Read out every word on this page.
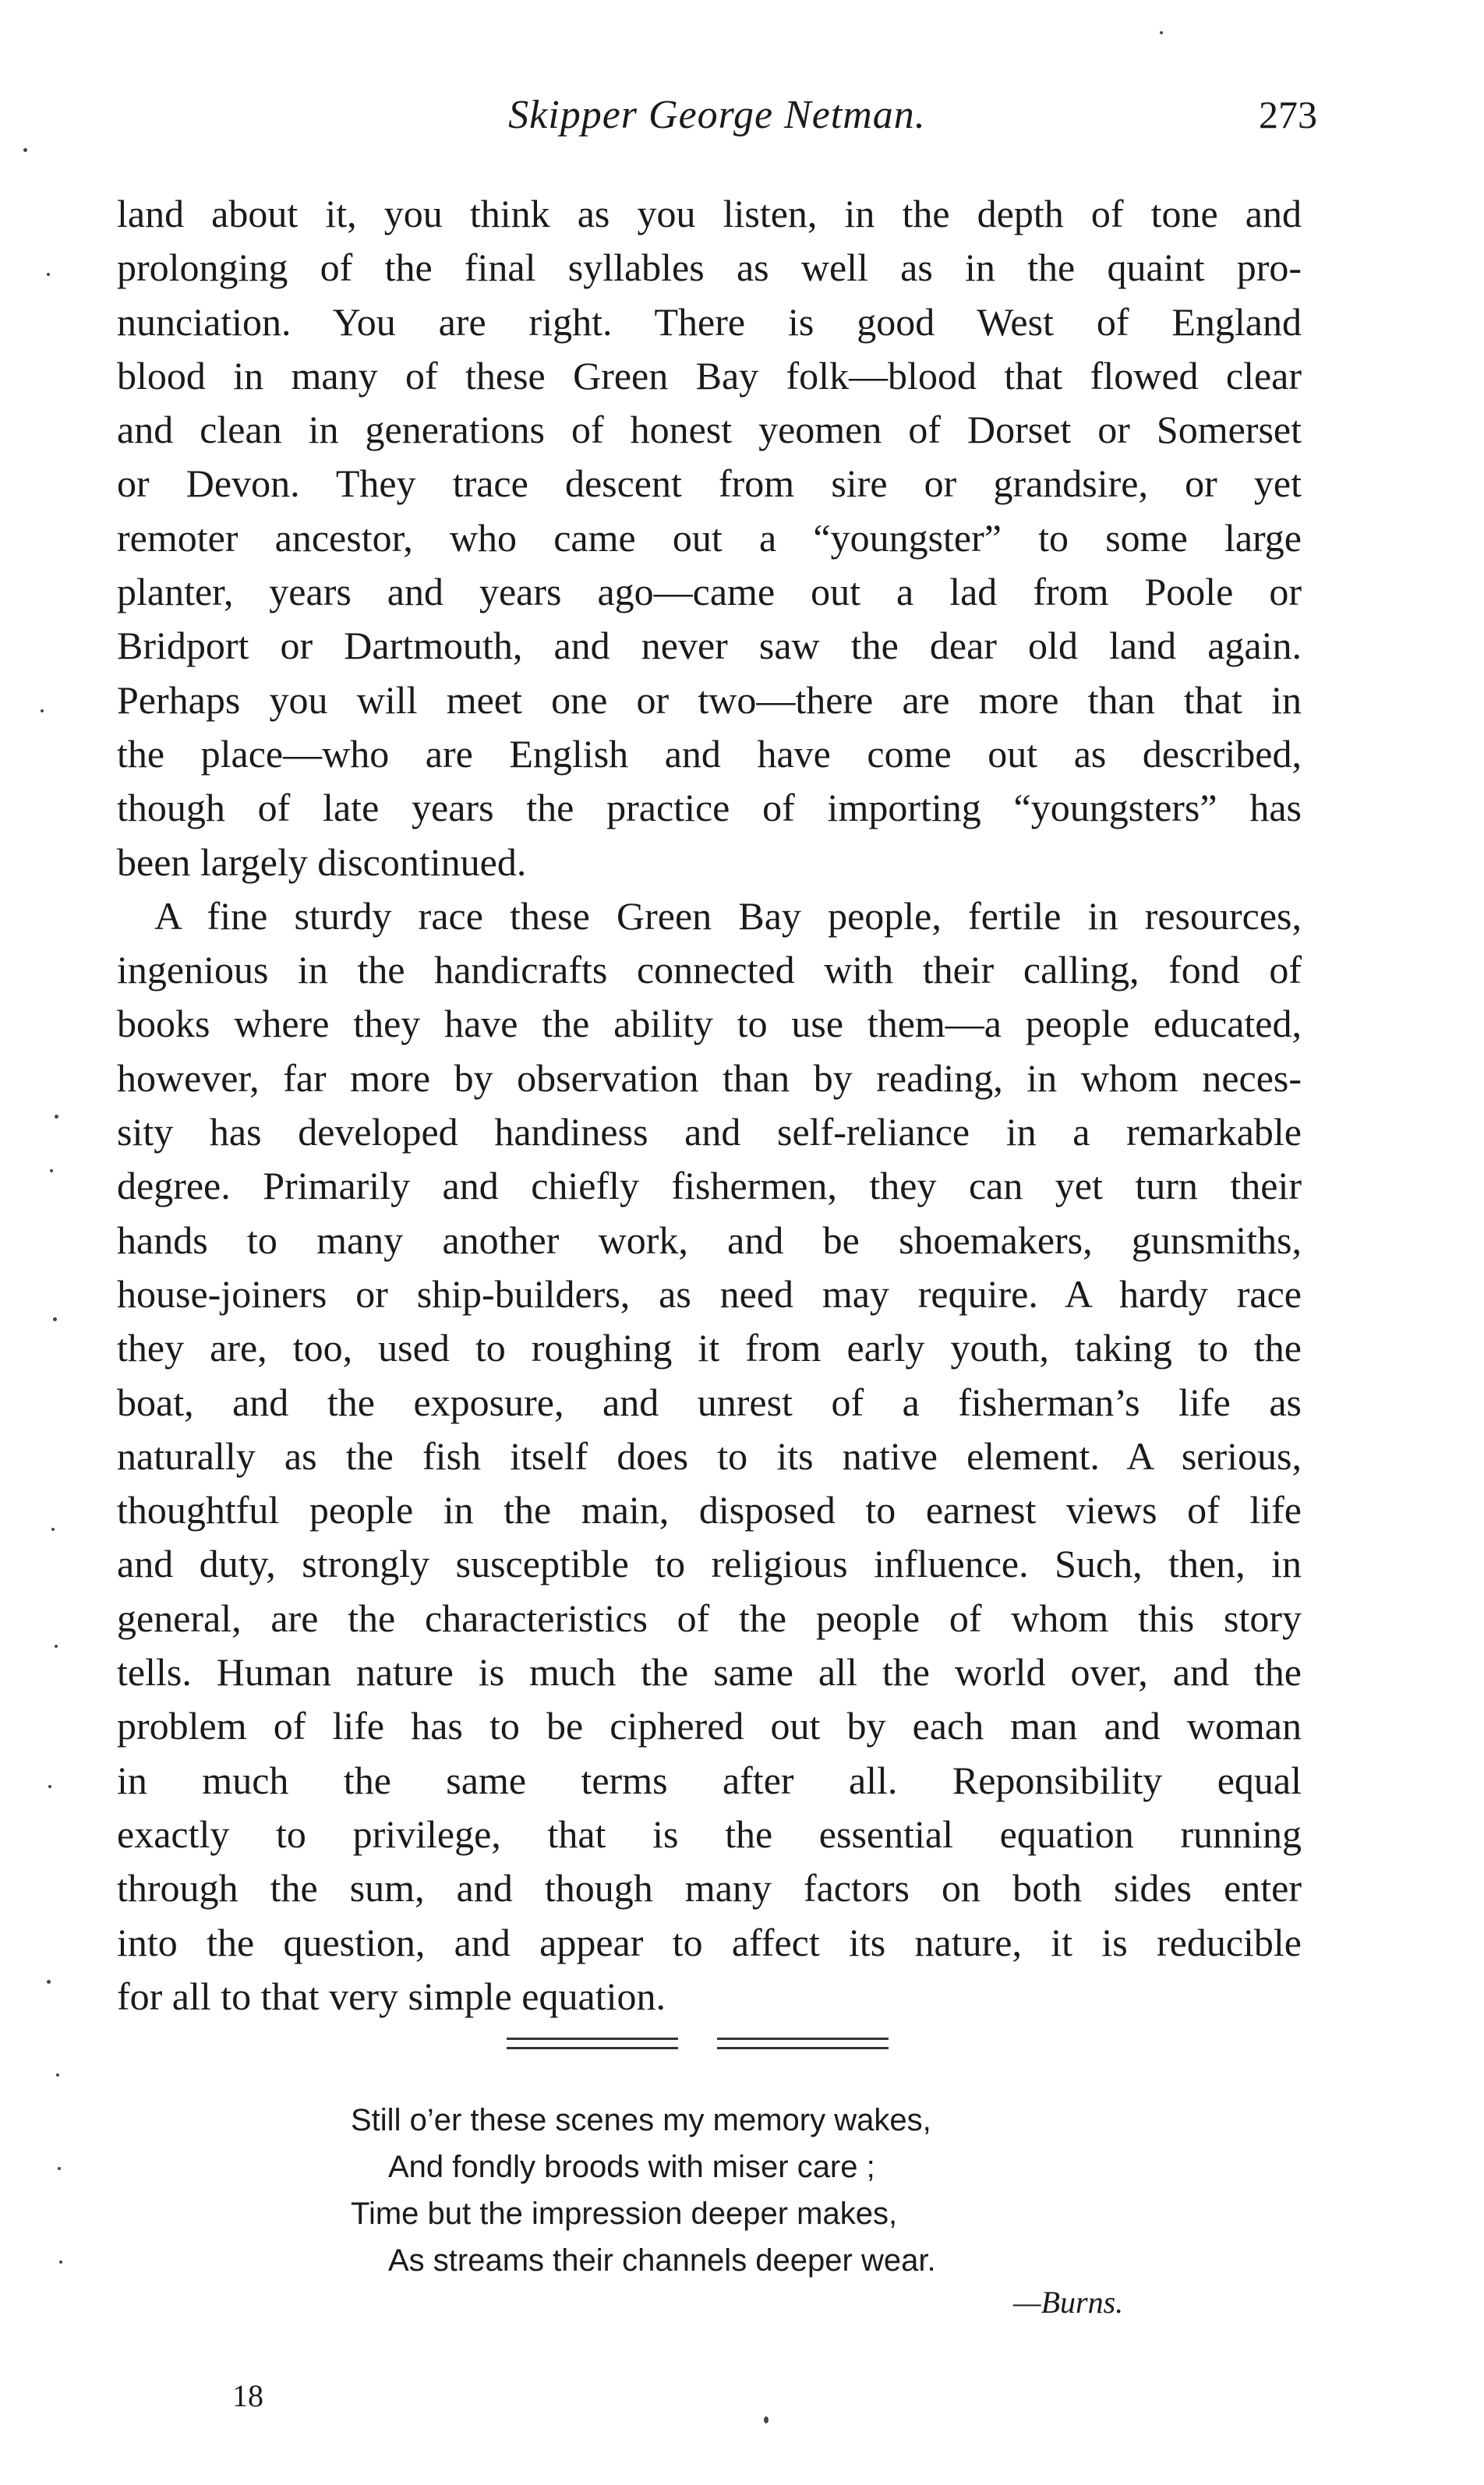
Skipper George Netman.	273
land about it, you think as you listen, in the depth of tone and
prolonging of the final syllables as well as in the quaint pro-
nunciation. You are right. There is good West of England
blood in many of these Green Bay folk—blood that flowed clear
and clean in generations of honest yeomen of Dorset or Somerset
or Devon. They trace descent from sire or grandsire, or yet
remoter ancestor, who came out a “youngster” to some large
planter, years and years ago—came out a lad from Poole or
Bridport or Dartmouth, and never saw the dear old land again.
Perhaps you will meet one or two—there are more than that in
the place—who are English and have come out as described,
though of late years the practice of importing “youngsters” has
been largely discontinued.
A fine sturdy race these Green Bay people, fertile in resources,
ingenious in the handicrafts connected with their calling, fond of
books where they have the ability to use them—a people educated,
however, far more by observation than by reading, in whom neces-
sity has developed handiness and self-reliance in a remarkable
degree. Primarily and chiefly fishermen, they can yet turn their
hands to many another work, and be shoemakers, gunsmiths,
house-joiners or ship-builders, as need may require. A hardy race
they are, too, used to roughing it from early youth, taking to the
boat, and the exposure, and unrest of a fisherman’s life as
naturally as the fish itself does to its native element. A serious,
thoughtful people in the main, disposed to earnest views of life
and duty, strongly susceptible to religious influence. Such, then, in
general, are the characteristics of the people of whom this story
tells. Human nature is much the same all the world over, and the
problem of life has to be ciphered out by each man and woman
in much the same terms after all. Reponsibility equal
exactly to privilege, that is the essential equation running
through the sum, and though many factors on both sides enter
into the question, and appear to affect its nature, it is reducible
for all to that very simple equation.
Still o’er these scenes my memory wakes,
And fondly broods with miser care ;
Time but the impression deeper makes,
As streams their channels deeper wear.
—Burns.
18
